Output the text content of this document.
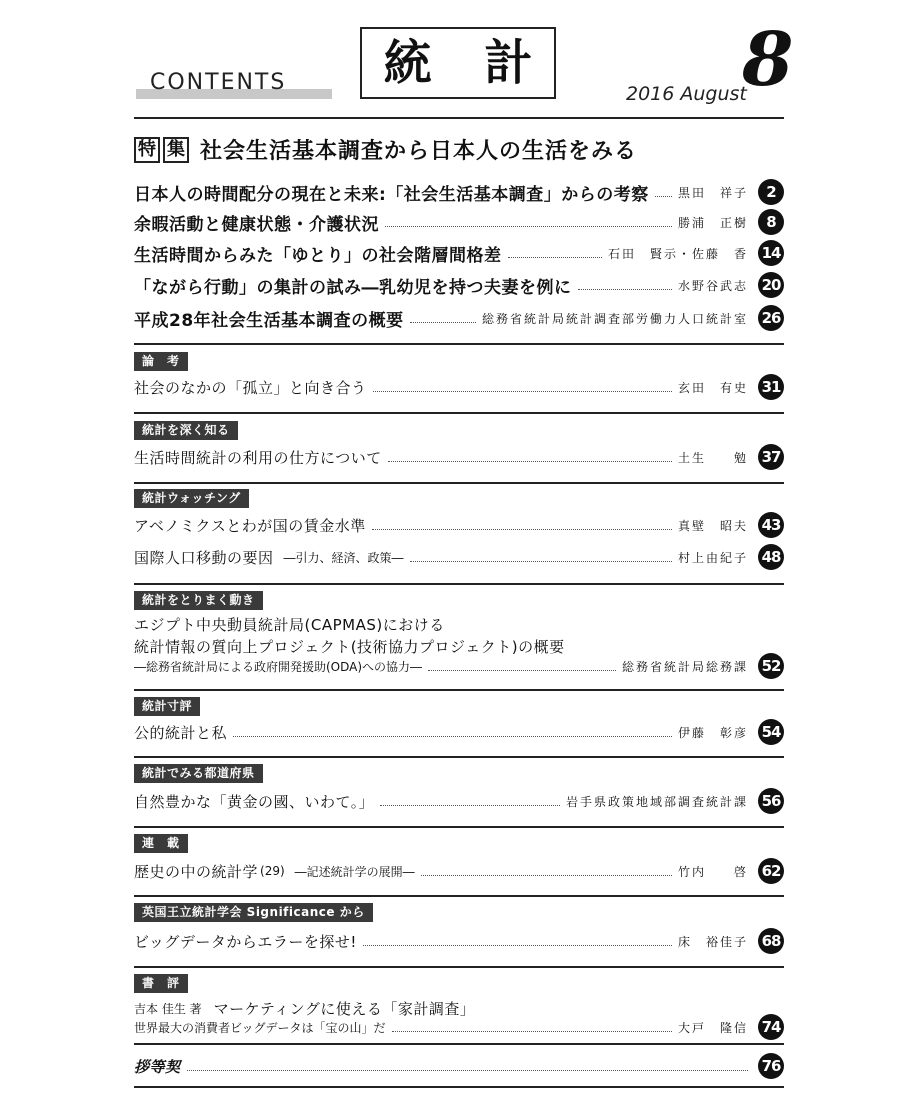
CONTENTS	統 計
2016 August
8
特 集 社会生活基本調査から日本人の生活をみる
日本人の時間配分の現在と未来:「社会生活基本調査」からの考察 黒田　祥子	2
余暇活動と健康状態・介護状況	勝浦　正樹	8
生活時間からみた「ゆとり」の社会階層間格差	石田　賢示・佐藤　香 14
「ながら行動」の集計の試み―乳幼児を持つ夫妻を例に	水野谷武志 20
平成28年社会生活基本調査の概要	総務省統計局統計調査部労働力人口統計室 26
論　考
社会のなかの「孤立」と向き合う	玄田　有史 31
統計を深く知る
生活時間統計の利用の仕方について	土生　　勉 37
統計ウォッチング
アベノミクスとわが国の賃金水準	真壁　昭夫 43
国際人口移動の要因 ―引力、経済、政策―	村上由紀子 48
統計をとりまく動き
エジプト中央動員統計局(CAPMAS)における
統計情報の質向上プロジェクト(技術協力プロジェクト)の概要
―総務省統計局による政府開発援助(ODA)への協力―	総務省統計局総務課 52
統計寸評
公的統計と私	伊藤　彰彦 54
統計でみる都道府県
自然豊かな「黄金の國、いわて。」	岩手県政策地域部調査統計課 56
連　載
歴史の中の統計学 (29) ―記述統計学の展開―	竹内　　啓 62
英国王立統計学会 Significance から
ビッグデータからエラーを探せ!	床　裕佳子 68
書　評
吉本 佳生 著 マーケティングに使える「家計調査」
世界最大の消費者ビッグデータは「宝の山」だ	大戸　隆信 74
拶等契	76
